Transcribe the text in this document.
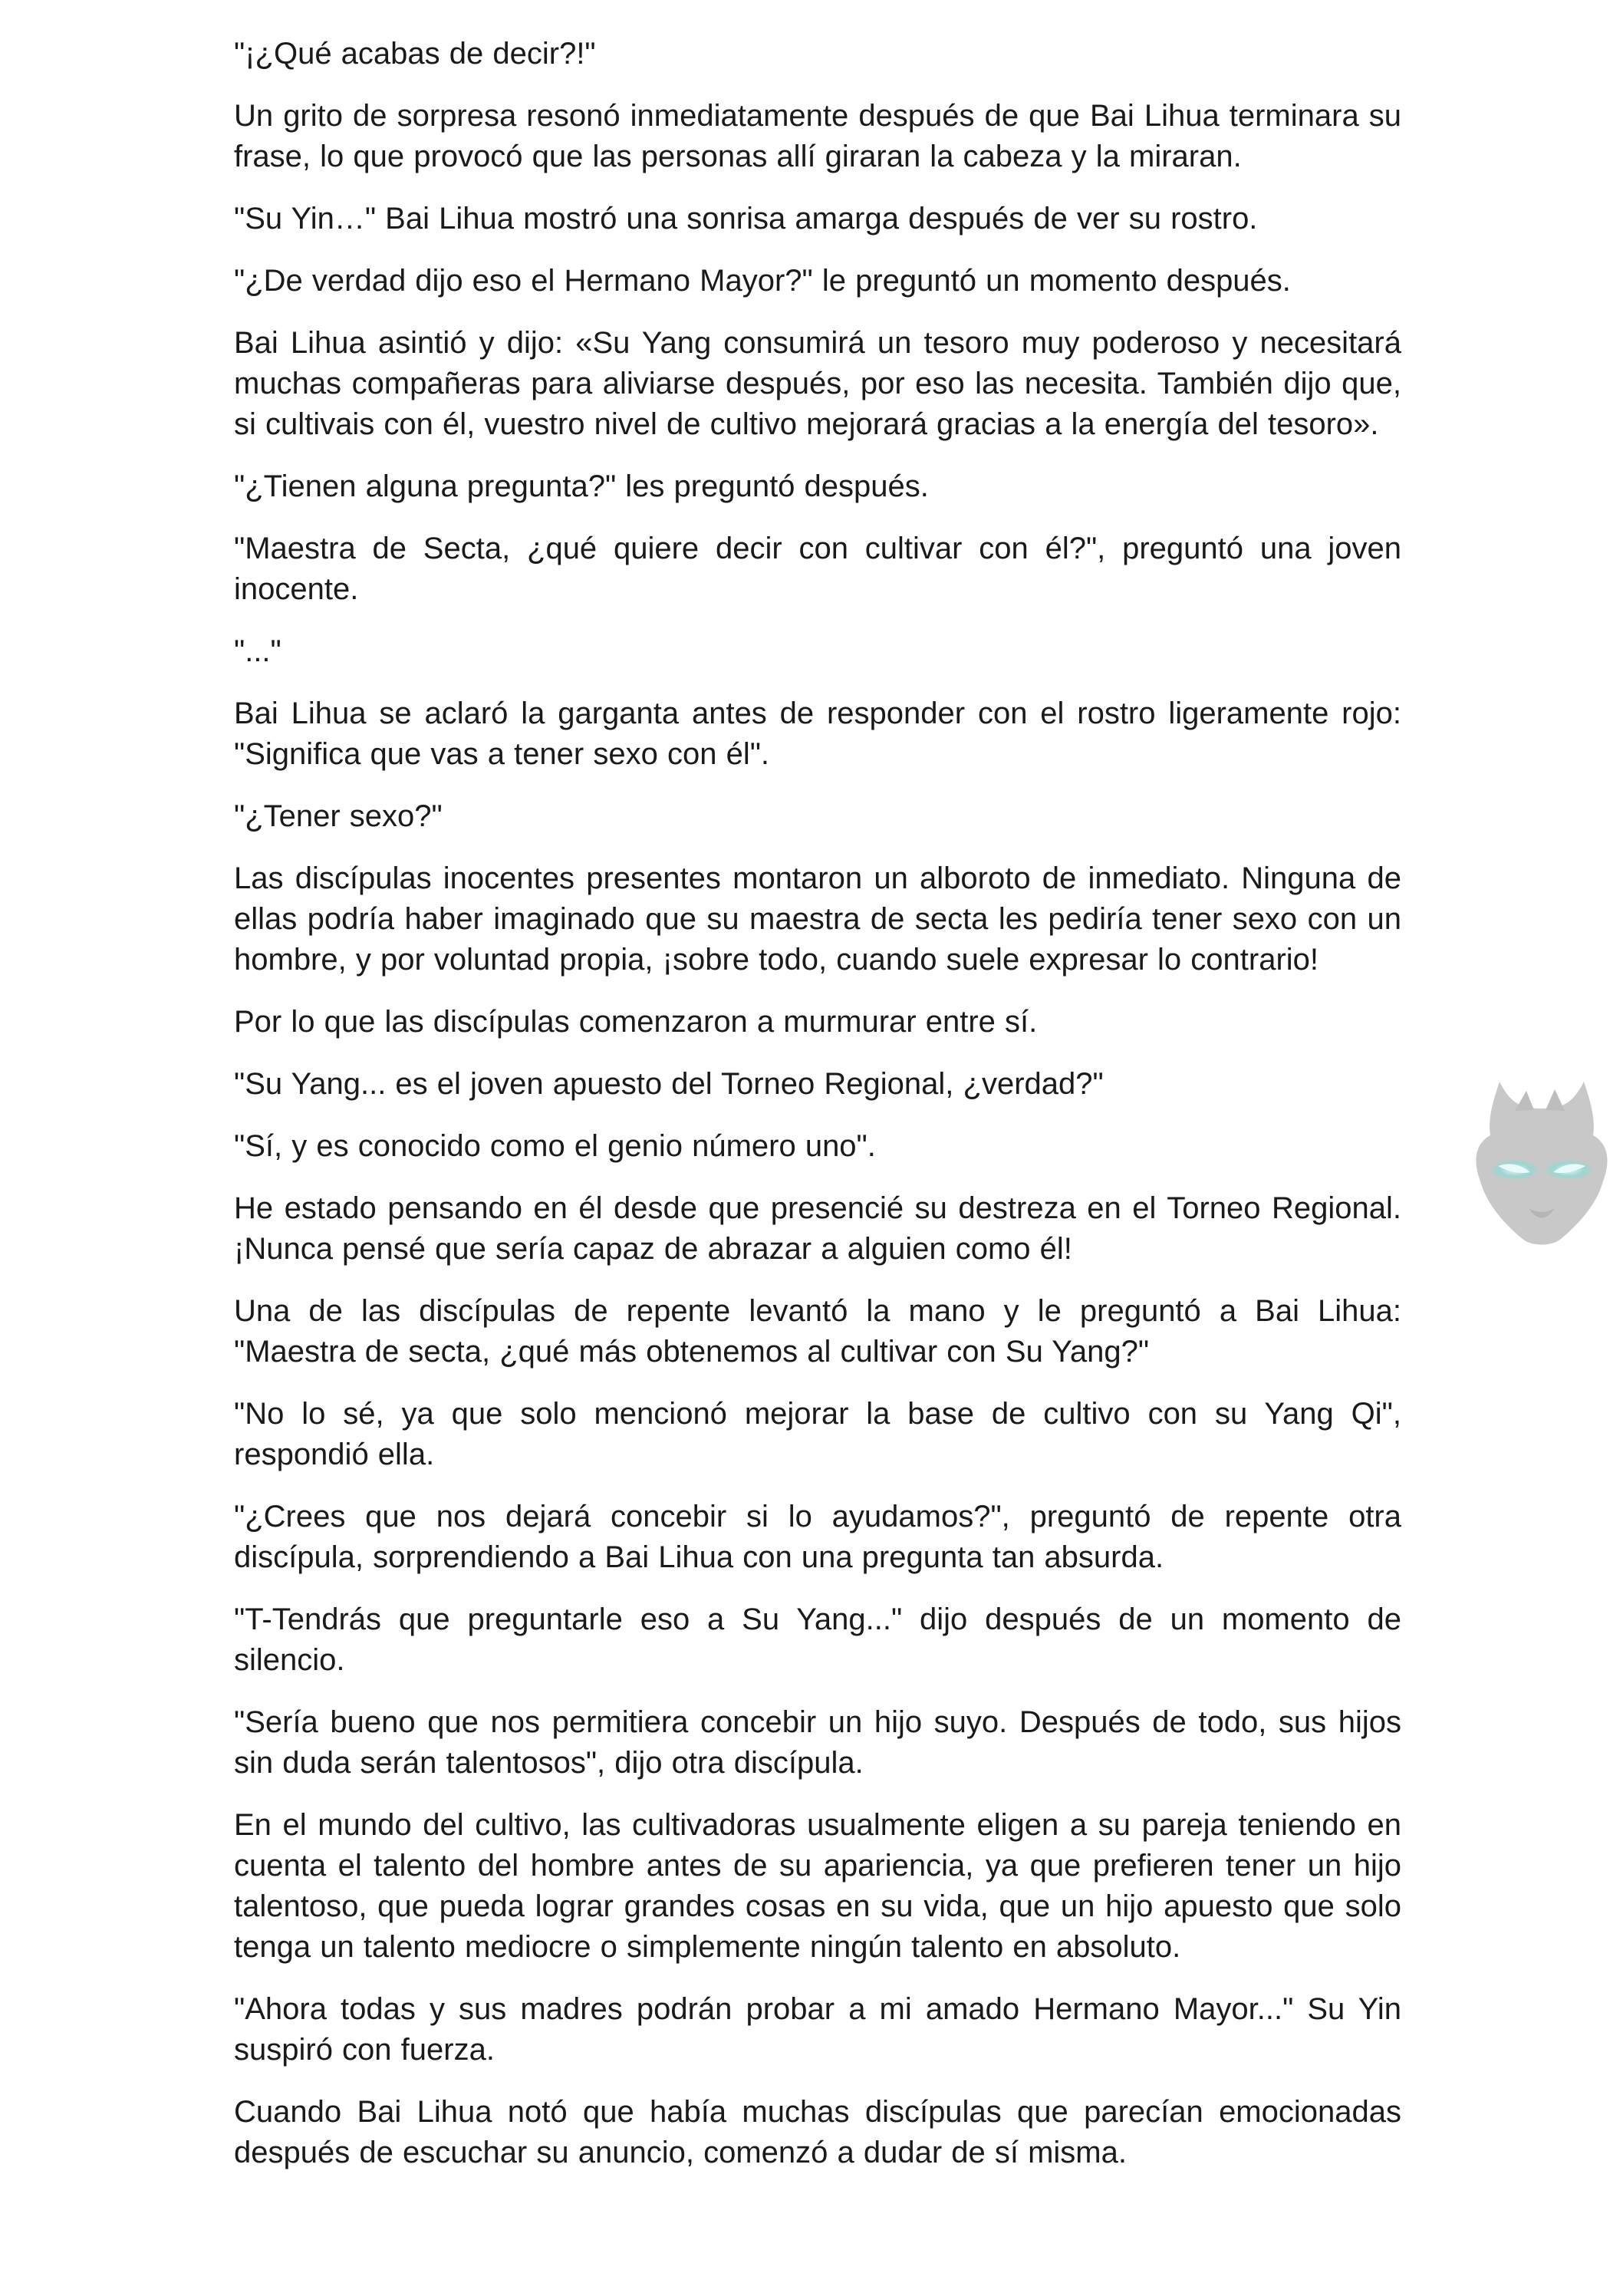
"¡¿Qué acabas de decir?!"

Un grito de sorpresa resonó inmediatamente después de que Bai Lihua terminara su frase, lo que provocó que las personas allí giraran la cabeza y la miraran.

"Su Yin…" Bai Lihua mostró una sonrisa amarga después de ver su rostro.

"¿De verdad dijo eso el Hermano Mayor?" le preguntó un momento después.

Bai Lihua asintió y dijo: «Su Yang consumirá un tesoro muy poderoso y necesitará muchas compañeras para aliviarse después, por eso las necesita. También dijo que, si cultivais con él, vuestro nivel de cultivo mejorará gracias a la energía del tesoro».

"¿Tienen alguna pregunta?" les preguntó después.

"Maestra de Secta, ¿qué quiere decir con cultivar con él?", preguntó una joven inocente.

"..."

Bai Lihua se aclaró la garganta antes de responder con el rostro ligeramente rojo: "Significa que vas a tener sexo con él".

"¿Tener sexo?"

Las discípulas inocentes presentes montaron un alboroto de inmediato. Ninguna de ellas podría haber imaginado que su maestra de secta les pediría tener sexo con un hombre, y por voluntad propia, ¡sobre todo, cuando suele expresar lo contrario!

Por lo que las discípulas comenzaron a murmurar entre sí.

"Su Yang... es el joven apuesto del Torneo Regional, ¿verdad?"

"Sí, y es conocido como el genio número uno".

He estado pensando en él desde que presencié su destreza en el Torneo Regional. ¡Nunca pensé que sería capaz de abrazar a alguien como él!

Una de las discípulas de repente levantó la mano y le preguntó a Bai Lihua: "Maestra de secta, ¿qué más obtenemos al cultivar con Su Yang?"

"No lo sé, ya que solo mencionó mejorar la base de cultivo con su Yang Qi", respondió ella.

"¿Crees que nos dejará concebir si lo ayudamos?", preguntó de repente otra discípula, sorprendiendo a Bai Lihua con una pregunta tan absurda.

"T-Tendrás que preguntarle eso a Su Yang..." dijo después de un momento de silencio.

"Sería bueno que nos permitiera concebir un hijo suyo. Después de todo, sus hijos sin duda serán talentosos", dijo otra discípula.

En el mundo del cultivo, las cultivadoras usualmente eligen a su pareja teniendo en cuenta el talento del hombre antes de su apariencia, ya que prefieren tener un hijo talentoso, que pueda lograr grandes cosas en su vida, que un hijo apuesto que solo tenga un talento mediocre o simplemente ningún talento en absoluto.

"Ahora todas y sus madres podrán probar a mi amado Hermano Mayor..." Su Yin suspiró con fuerza.

Cuando Bai Lihua notó que había muchas discípulas que parecían emocionadas después de escuchar su anuncio, comenzó a dudar de sí misma.
